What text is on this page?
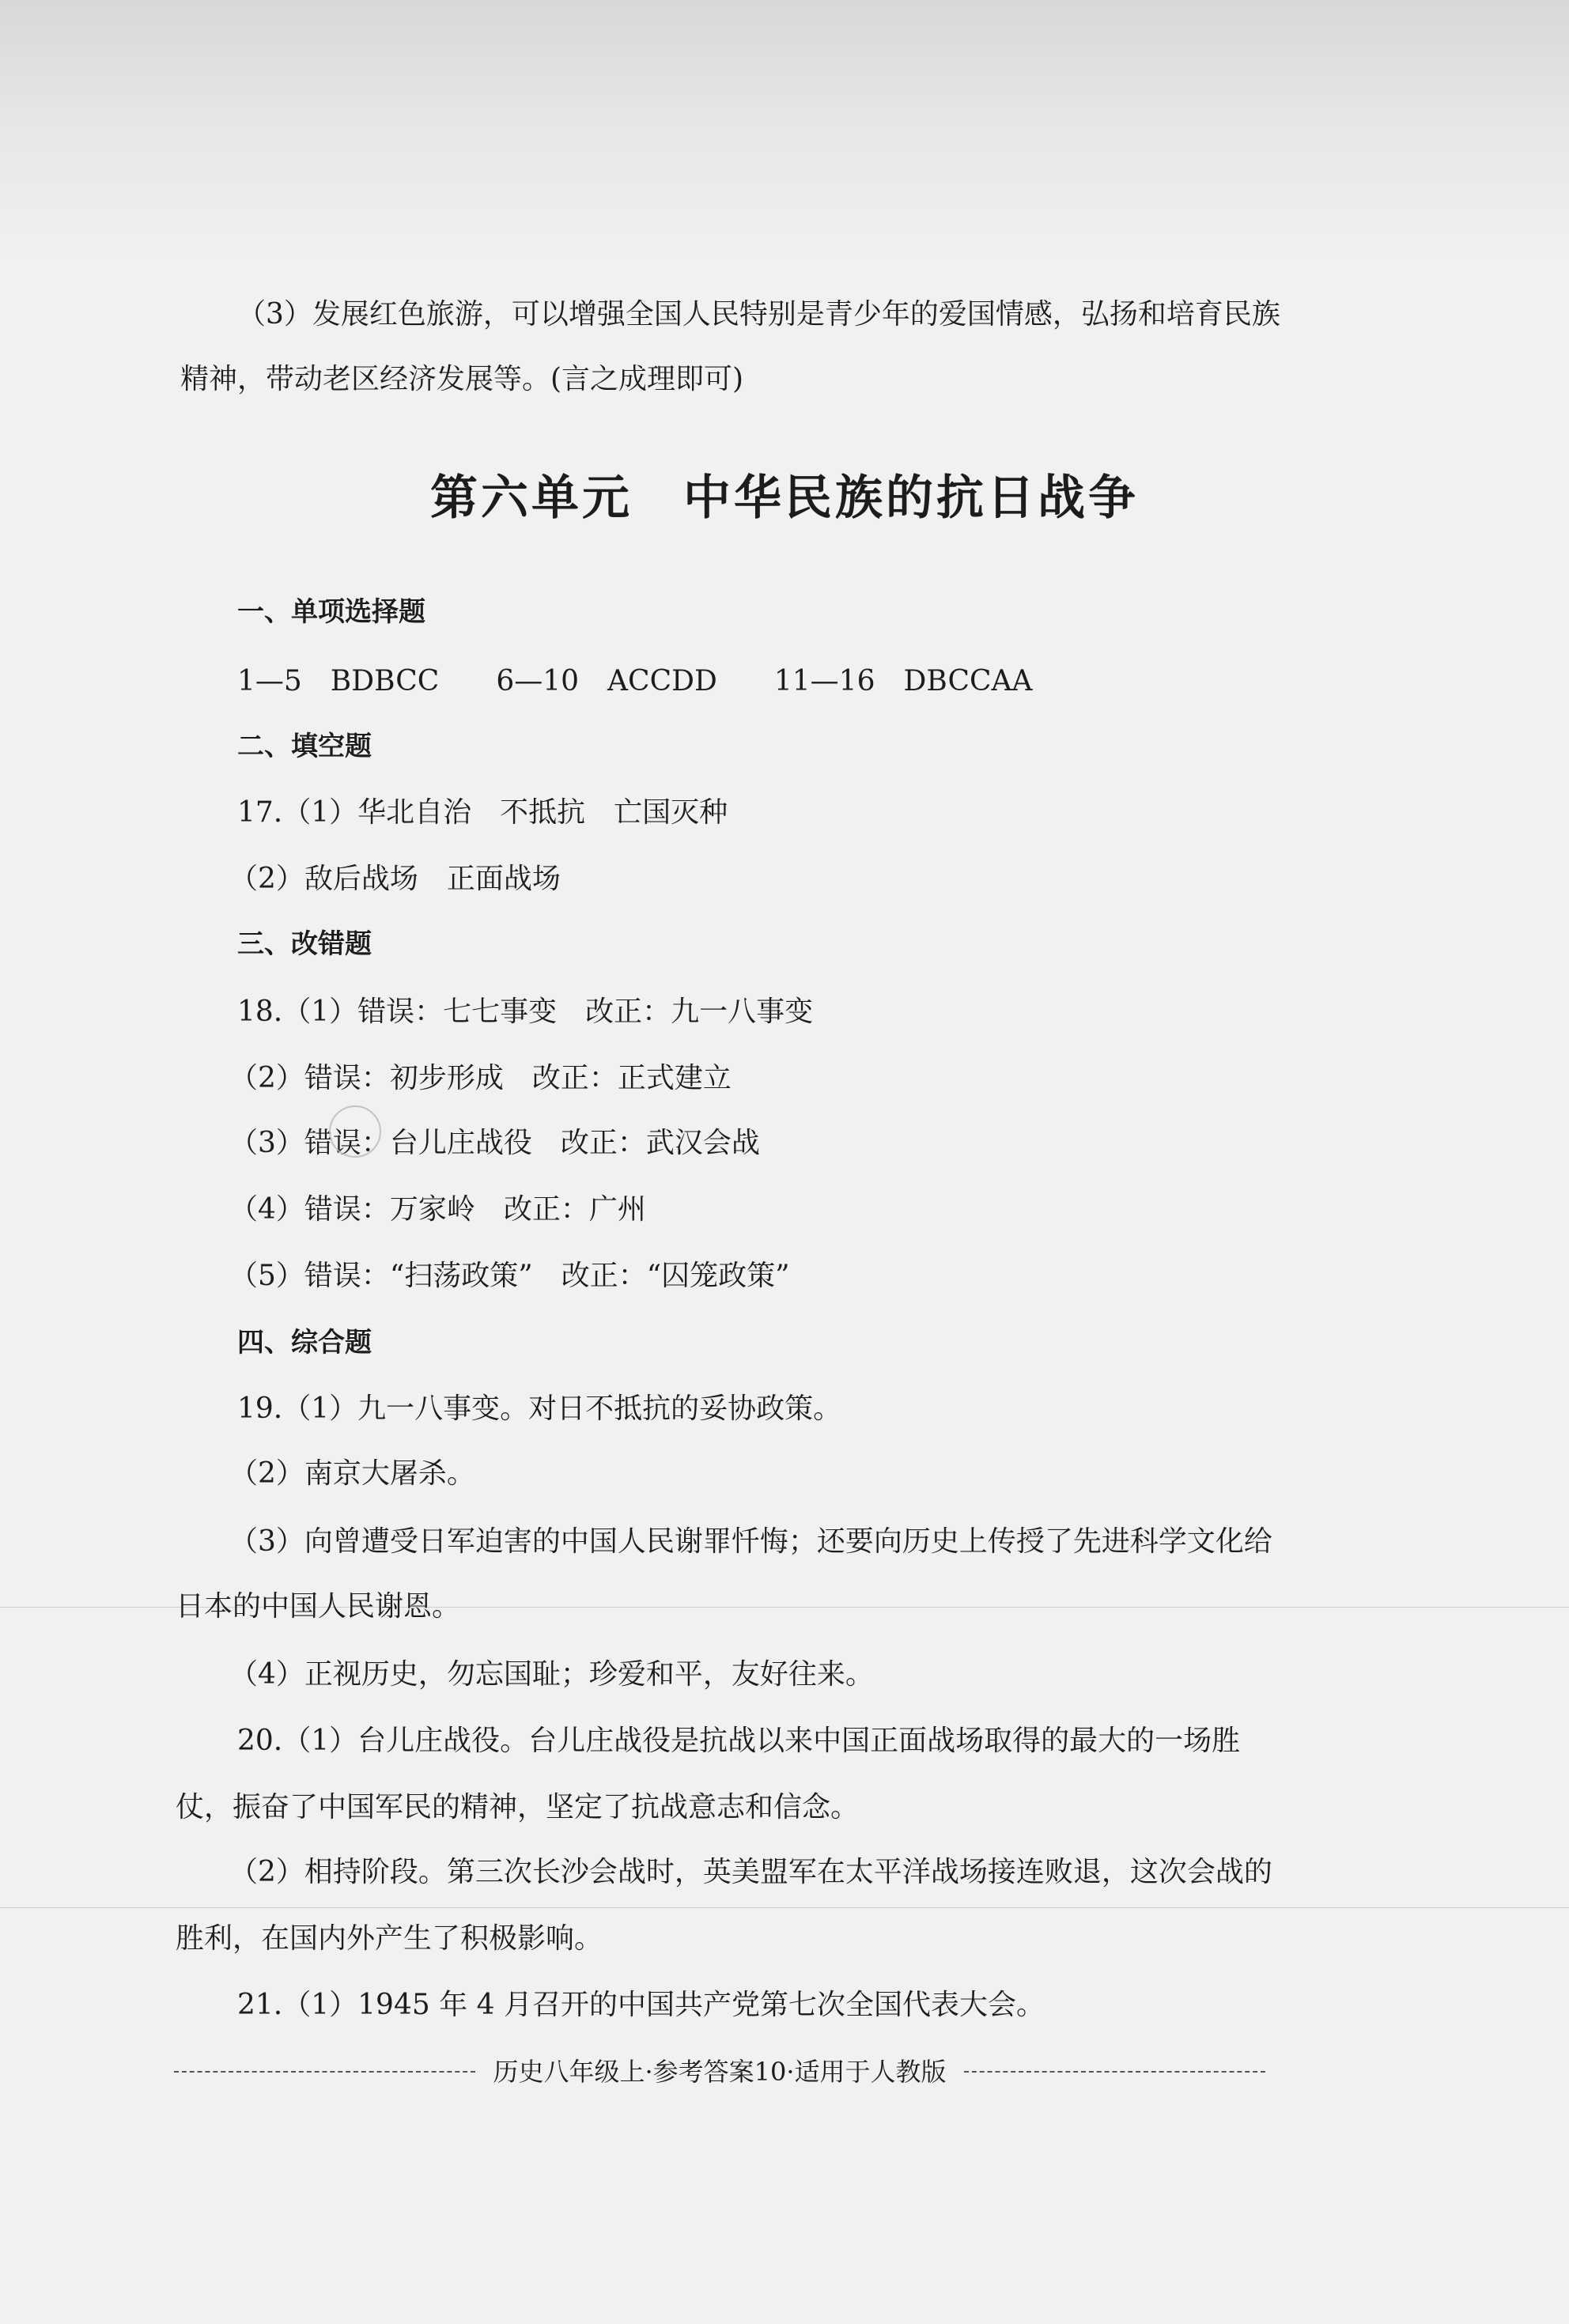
（3）发展红色旅游，可以增强全国人民特别是青少年的爱国情感，弘扬和培育民族
精神，带动老区经济发展等。(言之成理即可)
第六单元　中华民族的抗日战争
一、单项选择题
1—5　BDBCC　　6—10　ACCDD　　11—16　DBCCAA
二、填空题
17.（1）华北自治　不抵抗　亡国灭种
（2）敌后战场　正面战场
三、改错题
18.（1）错误：七七事变　改正：九一八事变
（2）错误：初步形成　改正：正式建立
（3）错误：台儿庄战役　改正：武汉会战
（4）错误：万家岭　改正：广州
（5）错误：“扫荡政策”　改正：“囚笼政策”
四、综合题
19.（1）九一八事变。对日不抵抗的妥协政策。
（2）南京大屠杀。
（3）向曾遭受日军迫害的中国人民谢罪忏悔；还要向历史上传授了先进科学文化给
日本的中国人民谢恩。
（4）正视历史，勿忘国耻；珍爱和平，友好往来。
20.（1）台儿庄战役。台儿庄战役是抗战以来中国正面战场取得的最大的一场胜
仗，振奋了中国军民的精神，坚定了抗战意志和信念。
（2）相持阶段。第三次长沙会战时，英美盟军在太平洋战场接连败退，这次会战的
胜利，在国内外产生了积极影响。
21.（1）1945 年 4 月召开的中国共产党第七次全国代表大会。
历史八年级上·参考答案10·适用于人教版
